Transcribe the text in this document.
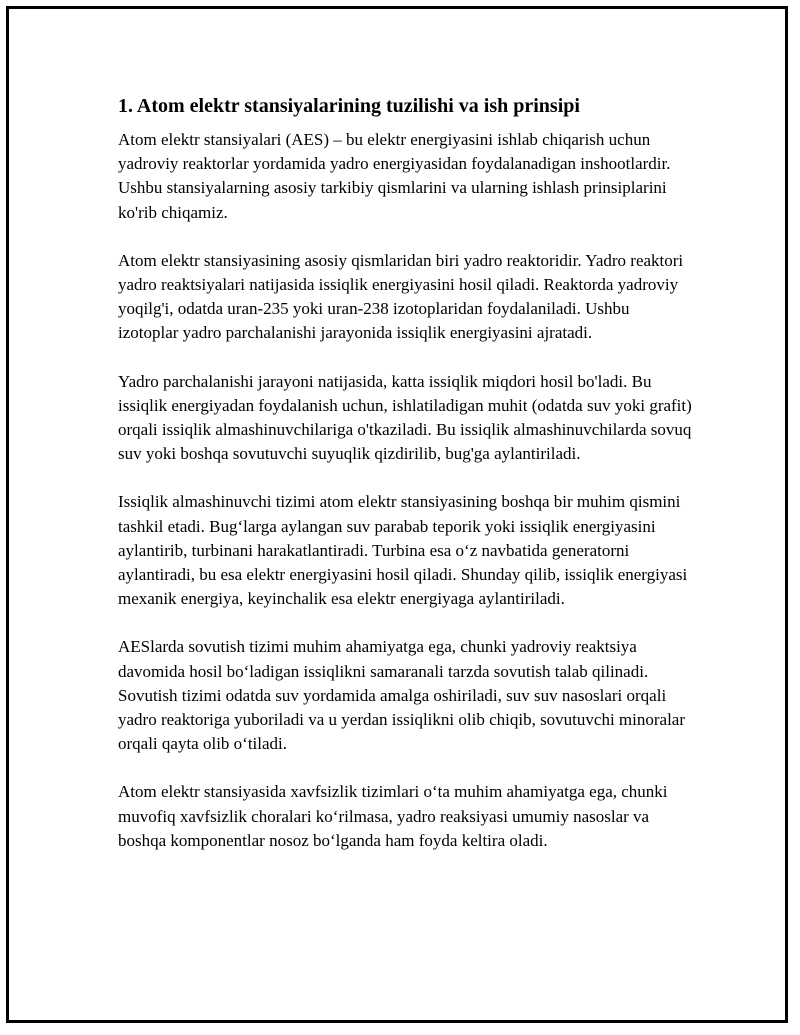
1. Atom elektr stansiyalarining tuzilishi va ish prinsipi

Atom elektr stansiyalari (AES) – bu elektr energiyasini ishlab chiqarish uchun yadroviy reaktorlar yordamida yadro energiyasidan foydalanadigan inshootlardir. Ushbu stansiyalarning asosiy tarkibiy qismlarini va ularning ishlash prinsiplarini ko'rib chiqamiz.

Atom elektr stansiyasining asosiy qismlaridan biri yadro reaktoridir. Yadro reaktori yadro reaktsiyalari natijasida issiqlik energiyasini hosil qiladi. Reaktorda yadroviy yoqilg'i, odatda uran-235 yoki uran-238 izotoplaridan foydalaniladi. Ushbu izotoplar yadro parchalanishi jarayonida issiqlik energiyasini ajratadi.

Yadro parchalanishi jarayoni natijasida, katta issiqlik miqdori hosil bo'ladi. Bu issiqlik energiyadan foydalanish uchun, ishlatiladigan muhit (odatda suv yoki grafit) orqali issiqlik almashinuvchilariga o'tkaziladi. Bu issiqlik almashinuvchilarda sovuq suv yoki boshqa sovutuvchi suyuqlik qizdirilib, bug'ga aylantiriladi.

Issiqlik almashinuvchi tizimi atom elektr stansiyasining boshqa bir muhim qismini tashkil etadi. Bug‘larga aylangan suv parabab teporik yoki issiqlik energiyasini aylantirib, turbinani harakatlantiradi. Turbina esa o‘z navbatida generatorni aylantiradi, bu esa elektr energiyasini hosil qiladi. Shunday qilib, issiqlik energiyasi mexanik energiya, keyinchalik esa elektr energiyaga aylantiriladi.

AESlarda sovutish tizimi muhim ahamiyatga ega, chunki yadroviy reaktsiya davomida hosil bo‘ladigan issiqlikni samaranali tarzda sovutish talab qilinadi. Sovutish tizimi odatda suv yordamida amalga oshiriladi, suv suv nasoslari orqali yadro reaktoriga yuboriladi va u yerdan issiqlikni olib chiqib, sovutuvchi minoralar orqali qayta olib o‘tiladi.

Atom elektr stansiyasida xavfsizlik tizimlari o‘ta muhim ahamiyatga ega, chunki muvofiq xavfsizlik choralari ko‘rilmasa, yadro reaksiyasi umumiy nasoslar va boshqa komponentlar nosoz bo‘lganda ham foyda keltira oladi.
